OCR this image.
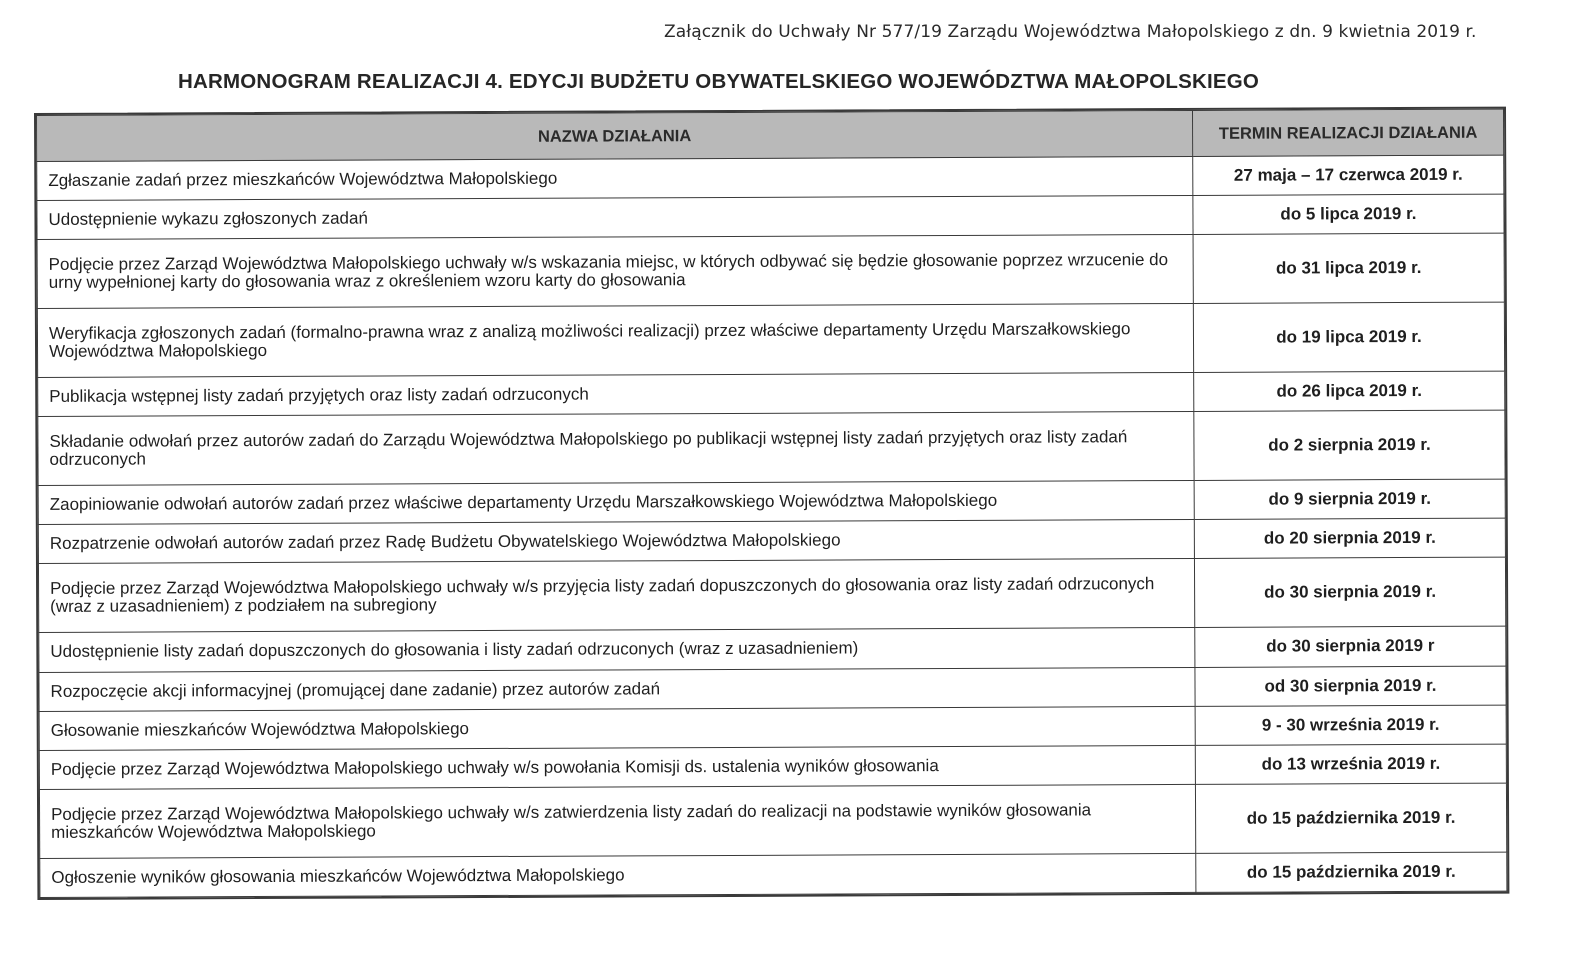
Załącznik do Uchwały Nr 577/19 Zarządu Województwa Małopolskiego z dn. 9 kwietnia 2019 r.
HARMONOGRAM REALIZACJI 4. EDYCJI BUDŻETU OBYWATELSKIEGO WOJEWÓDZTWA MAŁOPOLSKIEGO
NAZWA DZIAŁANIA	TERMIN REALIZACJI DZIAŁANIA
Zgłaszanie zadań przez mieszkańców Województwa Małopolskiego	27 maja – 17 czerwca 2019 r.
Udostępnienie wykazu zgłoszonych zadań	do 5 lipca 2019 r.
Podjęcie przez Zarząd Województwa Małopolskiego uchwały w/s wskazania miejsc, w których odbywać się będzie głosowanie poprzez wrzucenie do urny wypełnionej karty do głosowania wraz z określeniem wzoru karty do głosowania	do 31 lipca 2019 r.
Weryfikacja zgłoszonych zadań (formalno-prawna wraz z analizą możliwości realizacji) przez właściwe departamenty Urzędu Marszałkowskiego Województwa Małopolskiego	do 19 lipca 2019 r.
Publikacja wstępnej listy zadań przyjętych oraz listy zadań odrzuconych	do 26 lipca 2019 r.
Składanie odwołań przez autorów zadań do Zarządu Województwa Małopolskiego po publikacji wstępnej listy zadań przyjętych oraz listy zadań odrzuconych	do 2 sierpnia 2019 r.
Zaopiniowanie odwołań autorów zadań przez właściwe departamenty Urzędu Marszałkowskiego Województwa Małopolskiego	do 9 sierpnia 2019 r.
Rozpatrzenie odwołań autorów zadań przez Radę Budżetu Obywatelskiego Województwa Małopolskiego	do 20 sierpnia 2019 r.
Podjęcie przez Zarząd Województwa Małopolskiego uchwały w/s przyjęcia listy zadań dopuszczonych do głosowania oraz listy zadań odrzuconych (wraz z uzasadnieniem) z podziałem na subregiony	do 30 sierpnia 2019 r.
Udostępnienie listy zadań dopuszczonych do głosowania i listy zadań odrzuconych (wraz z uzasadnieniem)	do 30 sierpnia 2019 r
Rozpoczęcie akcji informacyjnej (promującej dane zadanie) przez autorów zadań	od 30 sierpnia 2019 r.
Głosowanie mieszkańców Województwa Małopolskiego	9 - 30 września 2019 r.
Podjęcie przez Zarząd Województwa Małopolskiego uchwały w/s powołania Komisji ds. ustalenia wyników głosowania	do 13 września 2019 r.
Podjęcie przez Zarząd Województwa Małopolskiego uchwały w/s zatwierdzenia listy zadań do realizacji na podstawie wyników głosowania mieszkańców Województwa Małopolskiego	do 15 października 2019 r.
Ogłoszenie wyników głosowania mieszkańców Województwa Małopolskiego	do 15 października 2019 r.
